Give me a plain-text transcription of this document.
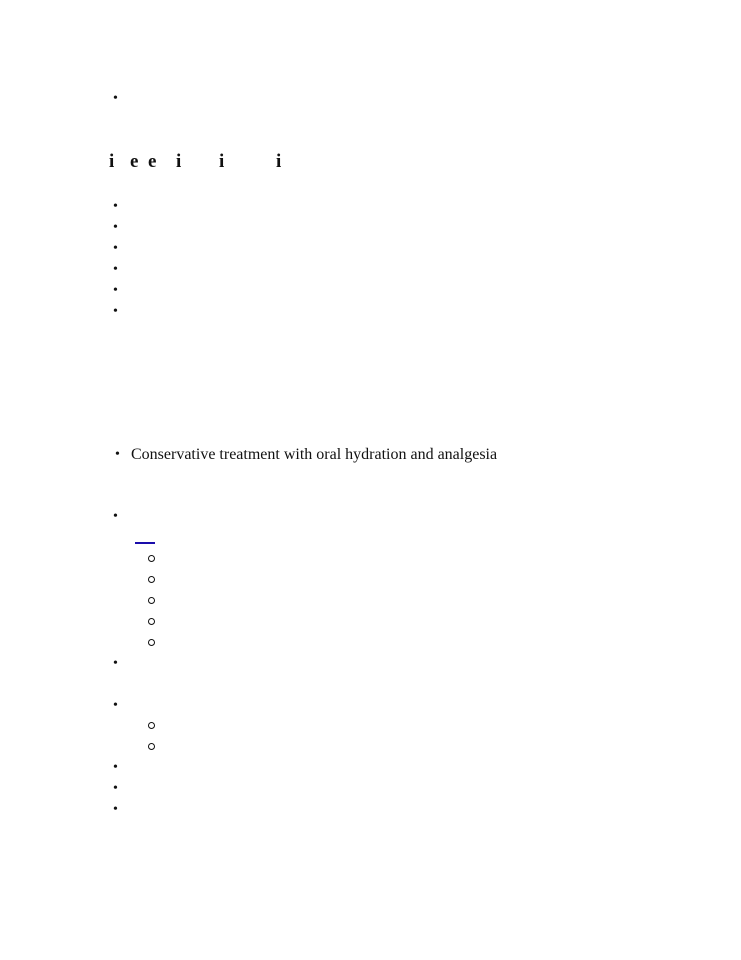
•
i e e i i	i
•
•
•
•
•
•
• Conservative treatment with oral hydration and analgesia
•
•
•
•
•
•
